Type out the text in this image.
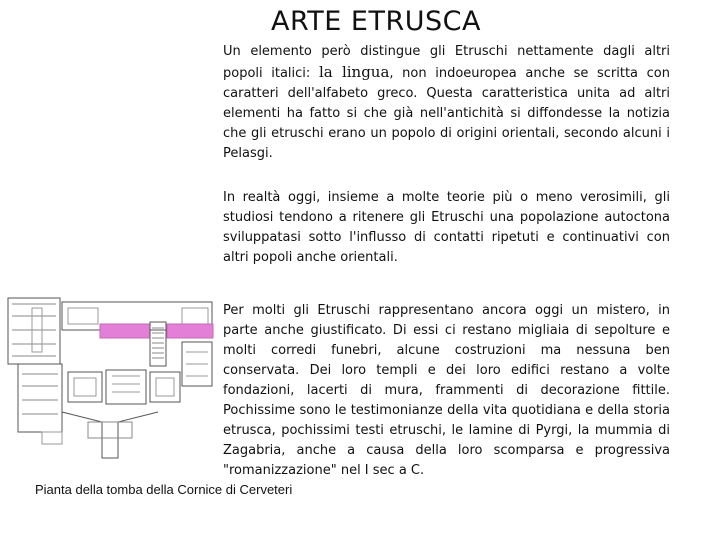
ARTE ETRUSCA
Un elemento però distingue gli Etruschi nettamente dagli altri popoli italici: la lingua, non indoeuropea anche se scritta con caratteri dell'alfabeto greco. Questa caratteristica unita ad altri elementi ha fatto si che già nell'antichità si diffondesse la notizia che gli etruschi erano un popolo di origini orientali, secondo alcuni i Pelasgi.
In realtà oggi, insieme a molte teorie più o meno verosimili, gli studiosi tendono a ritenere gli Etruschi una popolazione autoctona sviluppatasi sotto l'influsso di contatti ripetuti e continuativi con altri popoli anche orientali.
Per molti gli Etruschi rappresentano ancora oggi un mistero, in parte anche giustificato. Di essi ci restano migliaia di sepolture e molti corredi funebri, alcune costruzioni ma nessuna ben conservata. Dei loro templi e dei loro edifici restano a volte fondazioni, lacerti di mura, frammenti di decorazione fittile. Pochissime sono le testimonianze della vita quotidiana e della storia etrusca, pochissimi testi etruschi, le lamine di Pyrgi, la mummia di Zagabria, anche a causa della loro scomparsa e progressiva "romanizzazione" nel I sec a C.
Pianta della tomba della Cornice di Cerveteri
